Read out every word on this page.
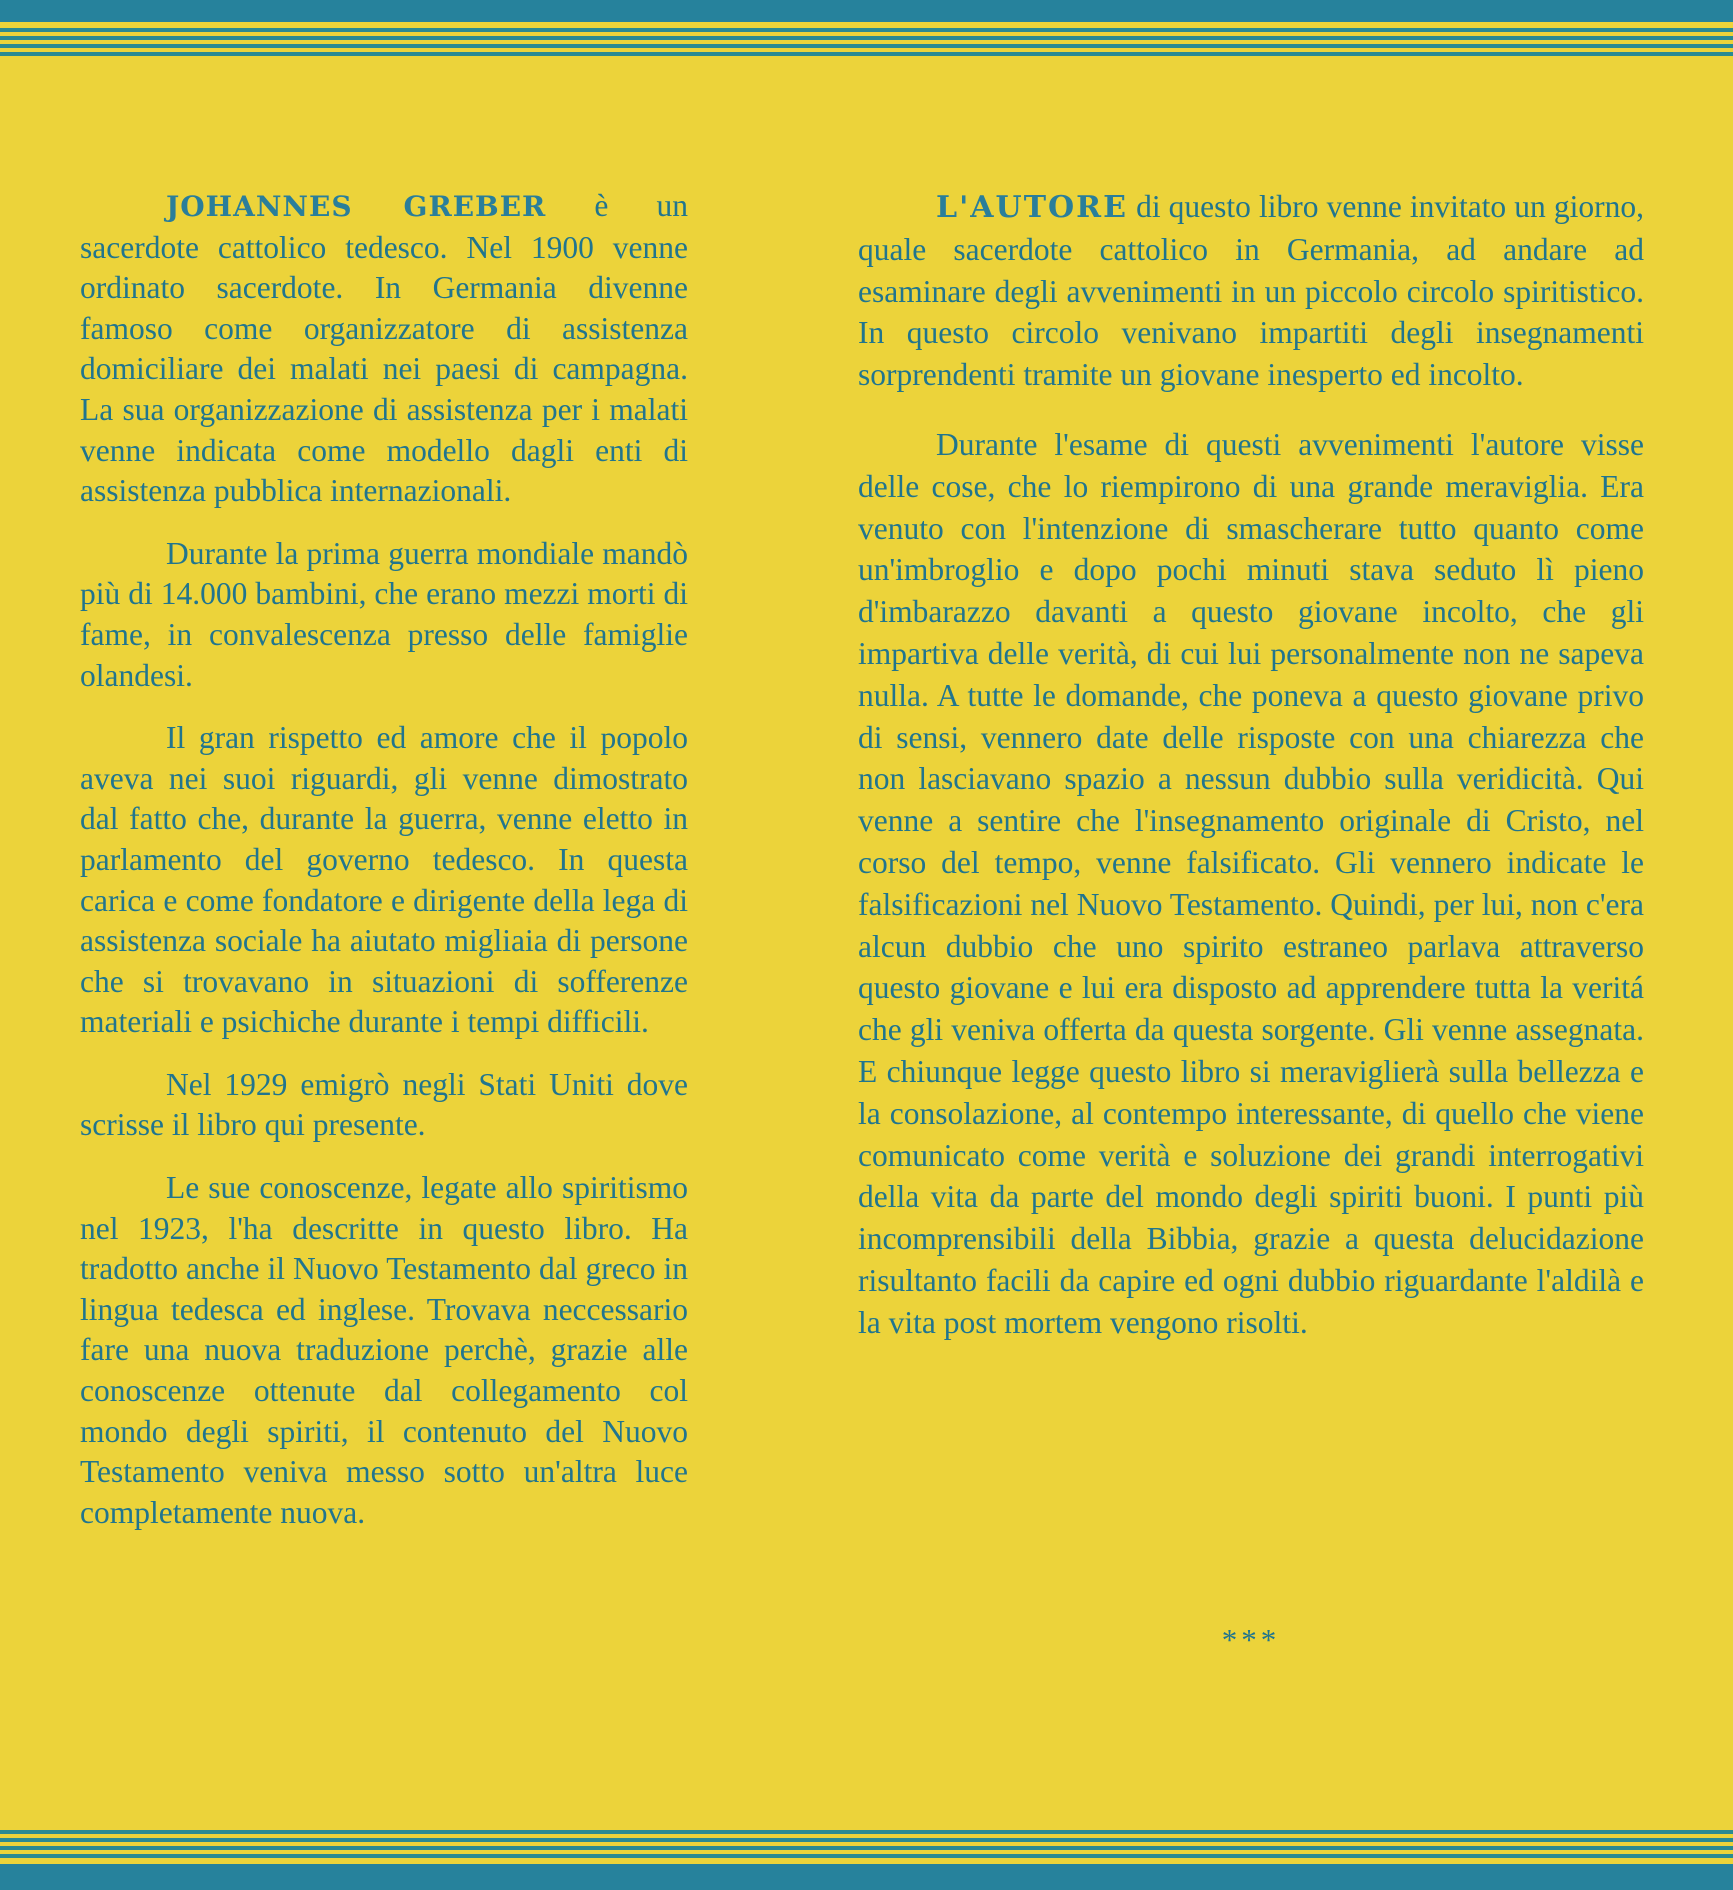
JOHANNES GREBER è un sacerdote cattolico tedesco. Nel 1900 venne ordinato sacerdote. In Germania divenne famoso come organizzatore di assistenza domiciliare dei malati nei paesi di campagna. La sua organizzazione di assistenza per i malati venne indicata come modello dagli enti di assistenza pubblica internazionali.

Durante la prima guerra mondiale mandò più di 14.000 bambini, che erano mezzi morti di fame, in convalescenza presso delle famiglie olandesi.

Il gran rispetto ed amore che il popolo aveva nei suoi riguardi, gli venne dimostrato dal fatto che, durante la guerra, venne eletto in parlamento del governo tedesco. In questa carica e come fondatore e dirigente della lega di assistenza sociale ha aiutato migliaia di persone che si trovavano in situazioni di sofferenze materiali e psichiche durante i tempi difficili.

Nel 1929 emigrò negli Stati Uniti dove scrisse il libro qui presente.

Le sue conoscenze, legate allo spiritismo nel 1923, l'ha descritte in questo libro. Ha tradotto anche il Nuovo Testamento dal greco in lingua tedesca ed inglese. Trovava neccessario fare una nuova traduzione perchè, grazie alle conoscenze ottenute dal collegamento col mondo degli spiriti, il contenuto del Nuovo Testamento veniva messo sotto un'altra luce completamente nuova.

L'AUTORE di questo libro venne invitato un giorno, quale sacerdote cattolico in Germania, ad andare ad esaminare degli avvenimenti in un piccolo circolo spiritistico. In questo circolo venivano impartiti degli insegnamenti sorprendenti tramite un giovane inesperto ed incolto.

Durante l'esame di questi avvenimenti l'autore visse delle cose, che lo riempirono di una grande meraviglia. Era venuto con l'intenzione di smascherare tutto quanto come un'imbroglio e dopo pochi minuti stava seduto lì pieno d'imbarazzo davanti a questo giovane incolto, che gli impartiva delle verità, di cui lui personalmente non ne sapeva nulla. A tutte le domande, che poneva a questo giovane privo di sensi, vennero date delle risposte con una chiarezza che non lasciavano spazio a nessun dubbio sulla veridicità. Qui venne a sentire che l'insegnamento originale di Cristo, nel corso del tempo, venne falsificato. Gli vennero indicate le falsificazioni nel Nuovo Testamento. Quindi, per lui, non c'era alcun dubbio che uno spirito estraneo parlava attraverso questo giovane e lui era disposto ad apprendere tutta la veritá che gli veniva offerta da questa sorgente. Gli venne assegnata. E chiunque legge questo libro si meraviglierà sulla bellezza e la consolazione, al contempo interessante, di quello che viene comunicato come verità e soluzione dei grandi interrogativi della vita da parte del mondo degli spiriti buoni. I punti più incomprensibili della Bibbia, grazie a questa delucidazione risultanto facili da capire ed ogni dubbio riguardante l'aldilà e la vita post mortem vengono risolti.

***
